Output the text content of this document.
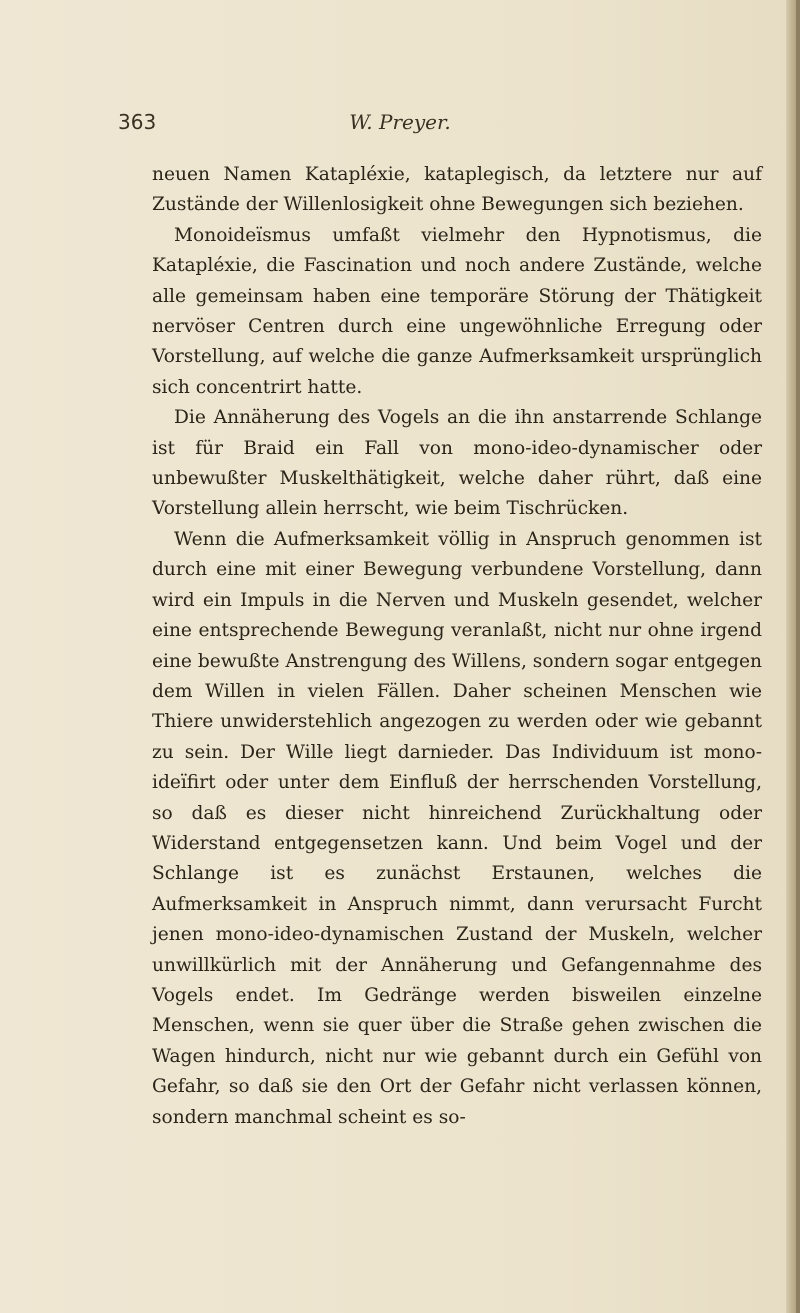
363	W. Preyer.

neuen Namen Katapléxie, kataplegisch, da letztere nur auf Zustände der Willenlosigkeit ohne Bewegungen sich beziehen.

Monoideïsmus umfaßt vielmehr den Hypnotismus, die Katapléxie, die Fascination und noch andere Zustände, welche alle gemeinsam haben eine temporäre Störung der Thätigkeit nervöser Centren durch eine ungewöhnliche Erregung oder Vorstellung, auf welche die ganze Aufmerksamkeit ursprünglich sich concentrirt hatte.

Die Annäherung des Vogels an die ihn anstarrende Schlange ist für Braid ein Fall von mono-ideo-dynamischer oder unbewußter Muskelthätigkeit, welche daher rührt, daß eine Vorstellung allein herrscht, wie beim Tischrücken.

Wenn die Aufmerksamkeit völlig in Anspruch genommen ist durch eine mit einer Bewegung verbundene Vorstellung, dann wird ein Impuls in die Nerven und Muskeln gesendet, welcher eine entsprechende Bewegung veranlaßt, nicht nur ohne irgend eine bewußte Anstrengung des Willens, sondern sogar entgegen dem Willen in vielen Fällen. Daher scheinen Menschen wie Thiere unwiderstehlich angezogen zu werden oder wie gebannt zu sein. Der Wille liegt darnieder. Das Individuum ist mono-ideïfirt oder unter dem Einfluß der herrschenden Vorstellung, so daß es dieser nicht hinreichend Zurückhaltung oder Widerstand entgegensetzen kann. Und beim Vogel und der Schlange ist es zunächst Erstaunen, welches die Aufmerksamkeit in Anspruch nimmt, dann verursacht Furcht jenen mono-ideo-dynamischen Zustand der Muskeln, welcher unwillkürlich mit der Annäherung und Gefangennahme des Vogels endet. Im Gedränge werden bisweilen einzelne Menschen, wenn sie quer über die Straße gehen zwischen die Wagen hindurch, nicht nur wie gebannt durch ein Gefühl von Gefahr, so daß sie den Ort der Gefahr nicht verlassen können, sondern manchmal scheint es so-
